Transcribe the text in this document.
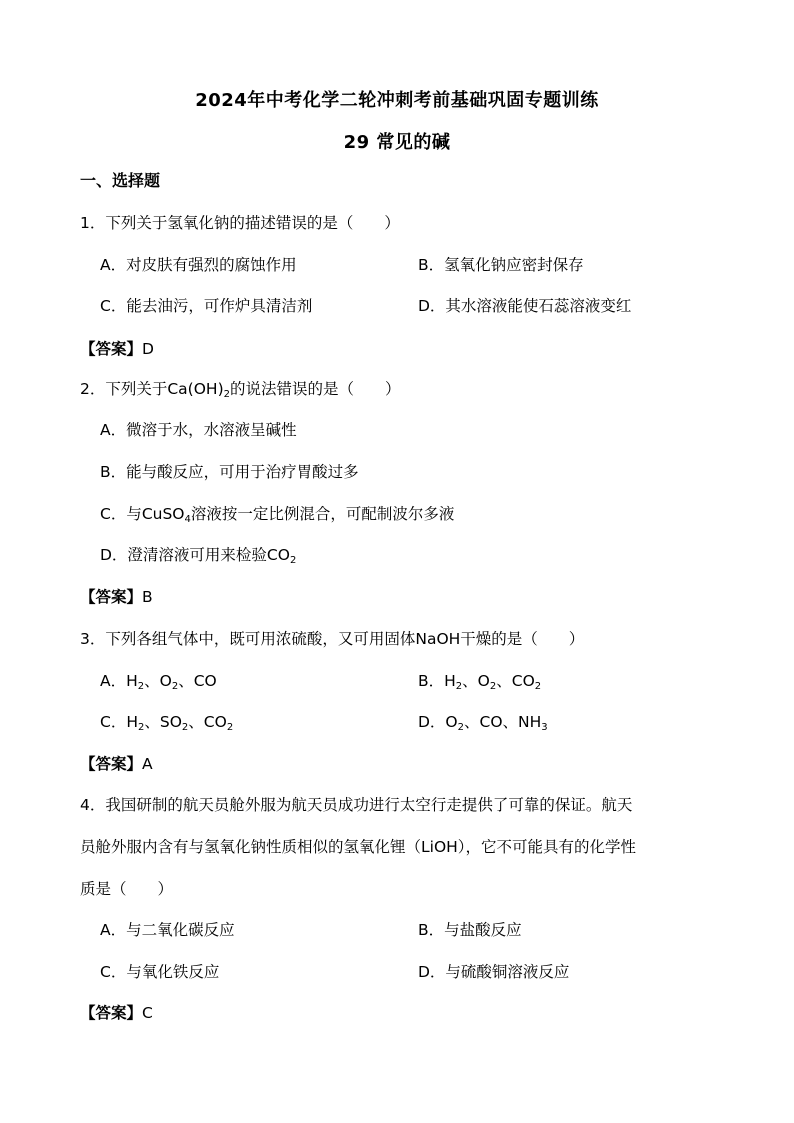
2024年中考化学二轮冲刺考前基础巩固专题训练
29 常见的碱
一、选择题
1．下列关于氢氧化钠的描述错误的是（　　）
A．对皮肤有强烈的腐蚀作用	B．氢氧化钠应密封保存
C．能去油污，可作炉具清洁剂	D．其水溶液能使石蕊溶液变红
【答案】D
2．下列关于$Ca(OH)_2$的说法错误的是（　　）
A．微溶于水，水溶液呈碱性
B．能与酸反应，可用于治疗胃酸过多
C．与CuSO$_4$溶液按一定比例混合，可配制波尔多液
D．澄清溶液可用来检验$CO_2$
【答案】B
3．下列各组气体中，既可用浓硫酸，又可用固体NaOH干燥的是（　　）
A．$H_2$、$O_2$、CO	B．$H_2$、$O_2$、$CO_2$
C．$H_2$、$SO_2$、$CO_2$	D．$O_2$、CO、$NH_3$
【答案】A
4．我国研制的航天员舱外服为航天员成功进行太空行走提供了可靠的保证。航天
员舱外服内含有与氢氧化钠性质相似的氢氧化锂（LiOH），它不可能具有的化学性
质是（　　）
A．与二氧化碳反应	B．与盐酸反应
C．与氧化铁反应	D．与硫酸铜溶液反应
【答案】C
